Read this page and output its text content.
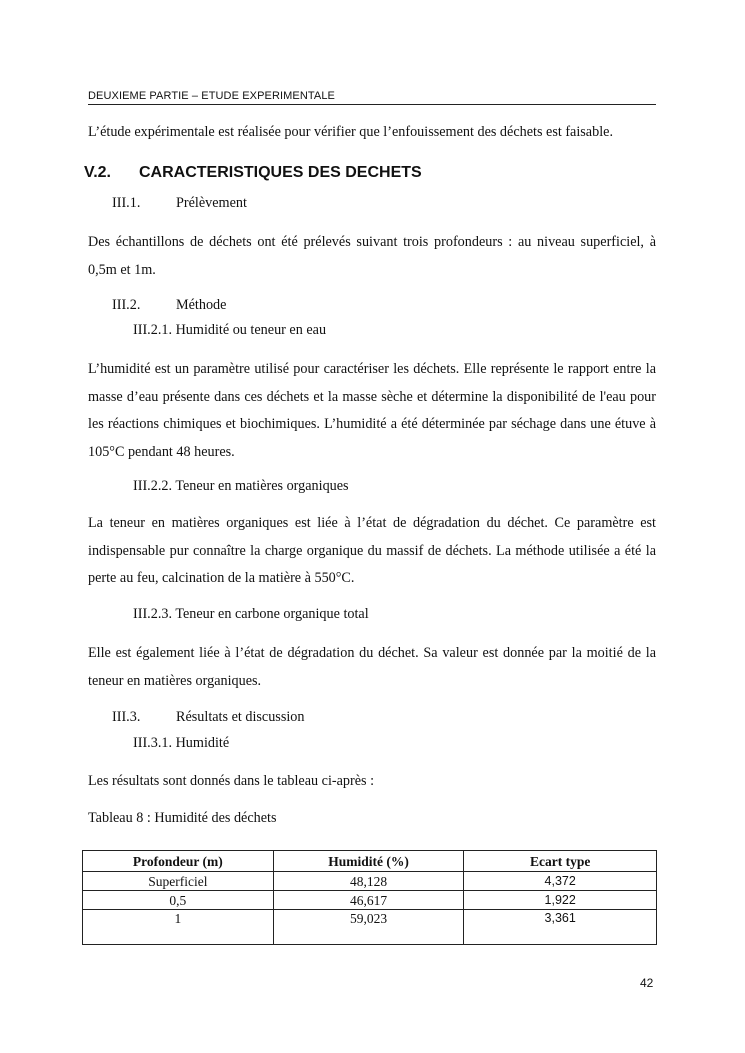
DEUXIEME PARTIE – ETUDE EXPERIMENTALE

L’étude expérimentale est réalisée pour vérifier que l’enfouissement des déchets est faisable.

V.2. CARACTERISTIQUES DES DECHETS
III.1.	Prélèvement

Des échantillons de déchets ont été prélevés suivant trois profondeurs : au niveau superficiel, à 0,5m et 1m.

III.2.	Méthode
III.2.1. Humidité ou teneur en eau

L’humidité est un paramètre utilisé pour caractériser les déchets. Elle représente le rapport entre la masse d’eau présente dans ces déchets et la masse sèche et détermine la disponibilité de l'eau pour les réactions chimiques et biochimiques. L’humidité a été déterminée par séchage dans une étuve à 105°C pendant 48 heures.

III.2.2. Teneur en matières organiques

La teneur en matières organiques est liée à l’état de dégradation du déchet. Ce paramètre est indispensable pur connaître la charge organique du massif de déchets. La méthode utilisée a été la perte au feu, calcination de la matière à 550°C.

III.2.3. Teneur en carbone organique total

Elle est également liée à l’état de dégradation du déchet. Sa valeur est donnée par la moitié de la teneur en matières organiques.

III.3.	Résultats et discussion
III.3.1. Humidité

Les résultats sont donnés dans le tableau ci-après :

Tableau 8 : Humidité des déchets
Profondeur (m)	Humidité (%)	Ecart type
Superficiel	48,128	4,372
0,5	46,617	1,922
1	59,023	3,361
42
